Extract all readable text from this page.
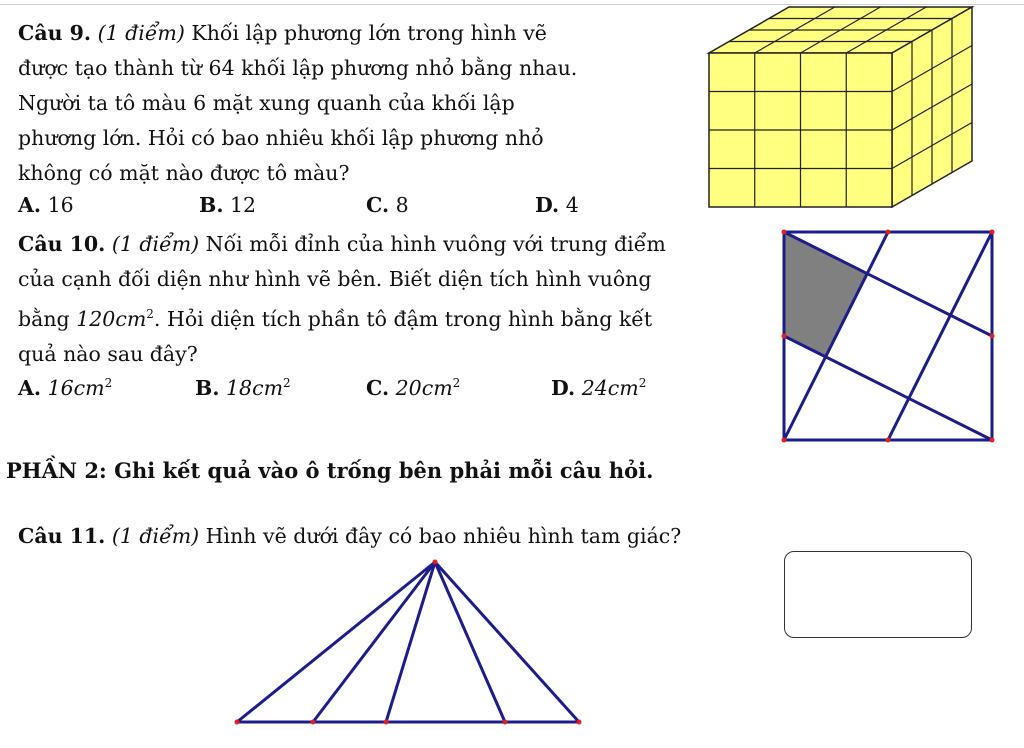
Câu 9. (1 điểm) Khối lập phương lớn trong hình vẽ
được tạo thành từ 64 khối lập phương nhỏ bằng nhau.
Người ta tô màu 6 mặt xung quanh của khối lập
phương lớn. Hỏi có bao nhiêu khối lập phương nhỏ
không có mặt nào được tô màu?
A. 16	B. 12	C. 8	D. 4
Câu 10. (1 điểm) Nối mỗi đỉnh của hình vuông với trung điểm
của cạnh đối diện như hình vẽ bên. Biết diện tích hình vuông
bằng $120cm^2$. Hỏi diện tích phần tô đậm trong hình bằng kết
quả nào sau đây?
A. $16cm^2$	B. $18cm^2$	C. $20cm^2$	D. $24cm^2$
PHẦN 2: Ghi kết quả vào ô trống bên phải mỗi câu hỏi.
Câu 11. (1 điểm) Hình vẽ dưới đây có bao nhiêu hình tam giác?
